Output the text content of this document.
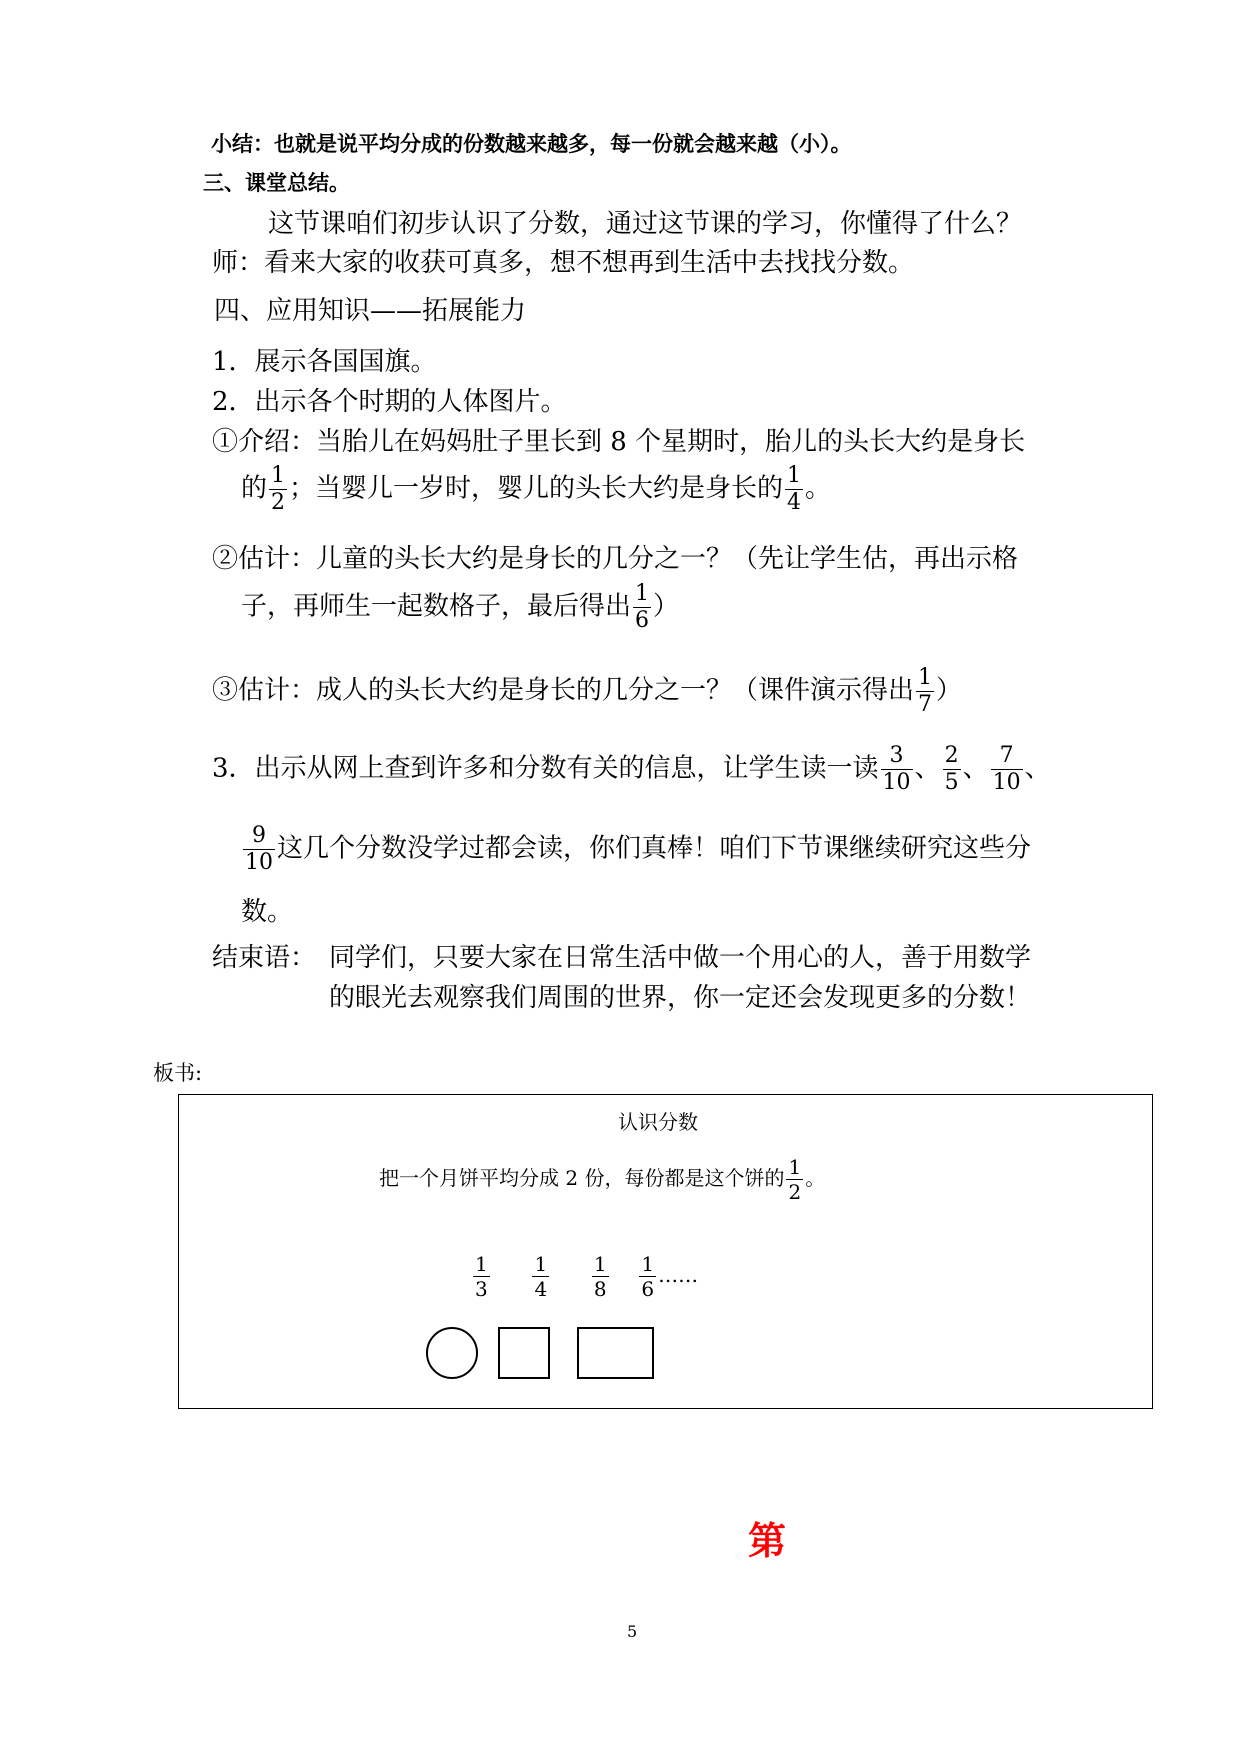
小结：也就是说平均分成的份数越来越多，每一份就会越来越（小）。
三、课堂总结。
这节课咱们初步认识了分数，通过这节课的学习，你懂得了什么？
师：看来大家的收获可真多，想不想再到生活中去找找分数。
四、应用知识——拓展能力
1．展示各国国旗。
2．出示各个时期的人体图片。
①介绍：当胎儿在妈妈肚子里长到 8 个星期时，胎儿的头长大约是身长
的 $\frac{1}{2}$ ；当婴儿一岁时，婴儿的头长大约是身长的 $\frac{1}{4}$ 。
②估计：儿童的头长大约是身长的几分之一？（先让学生估，再出示格
子，再师生一起数格子，最后得出 $\frac{1}{6}$ ）
③估计：成人的头长大约是身长的几分之一？（课件演示得出 $\frac{1}{7}$ ）
3．出示从网上查到许多和分数有关的信息，让学生读一读 $\frac{3}{10}$ 、 $\frac{2}{5}$ 、 $\frac{7}{10}$ 、
$\frac{9}{10}$ 这几个分数没学过都会读，你们真棒！咱们下节课继续研究这些分
数。
结束语： 同学们，只要大家在日常生活中做一个用心的人，善于用数学
的眼光去观察我们周围的世界，你一定还会发现更多的分数！
板书:
认识分数
把一个月饼平均分成 2 份，每份都是这个饼的 $\frac{1}{2}$ 。
$\frac{1}{3}$
$\frac{1}{4}$
$\frac{1}{8}$
$\frac{1}{6}$ ……
第
5
